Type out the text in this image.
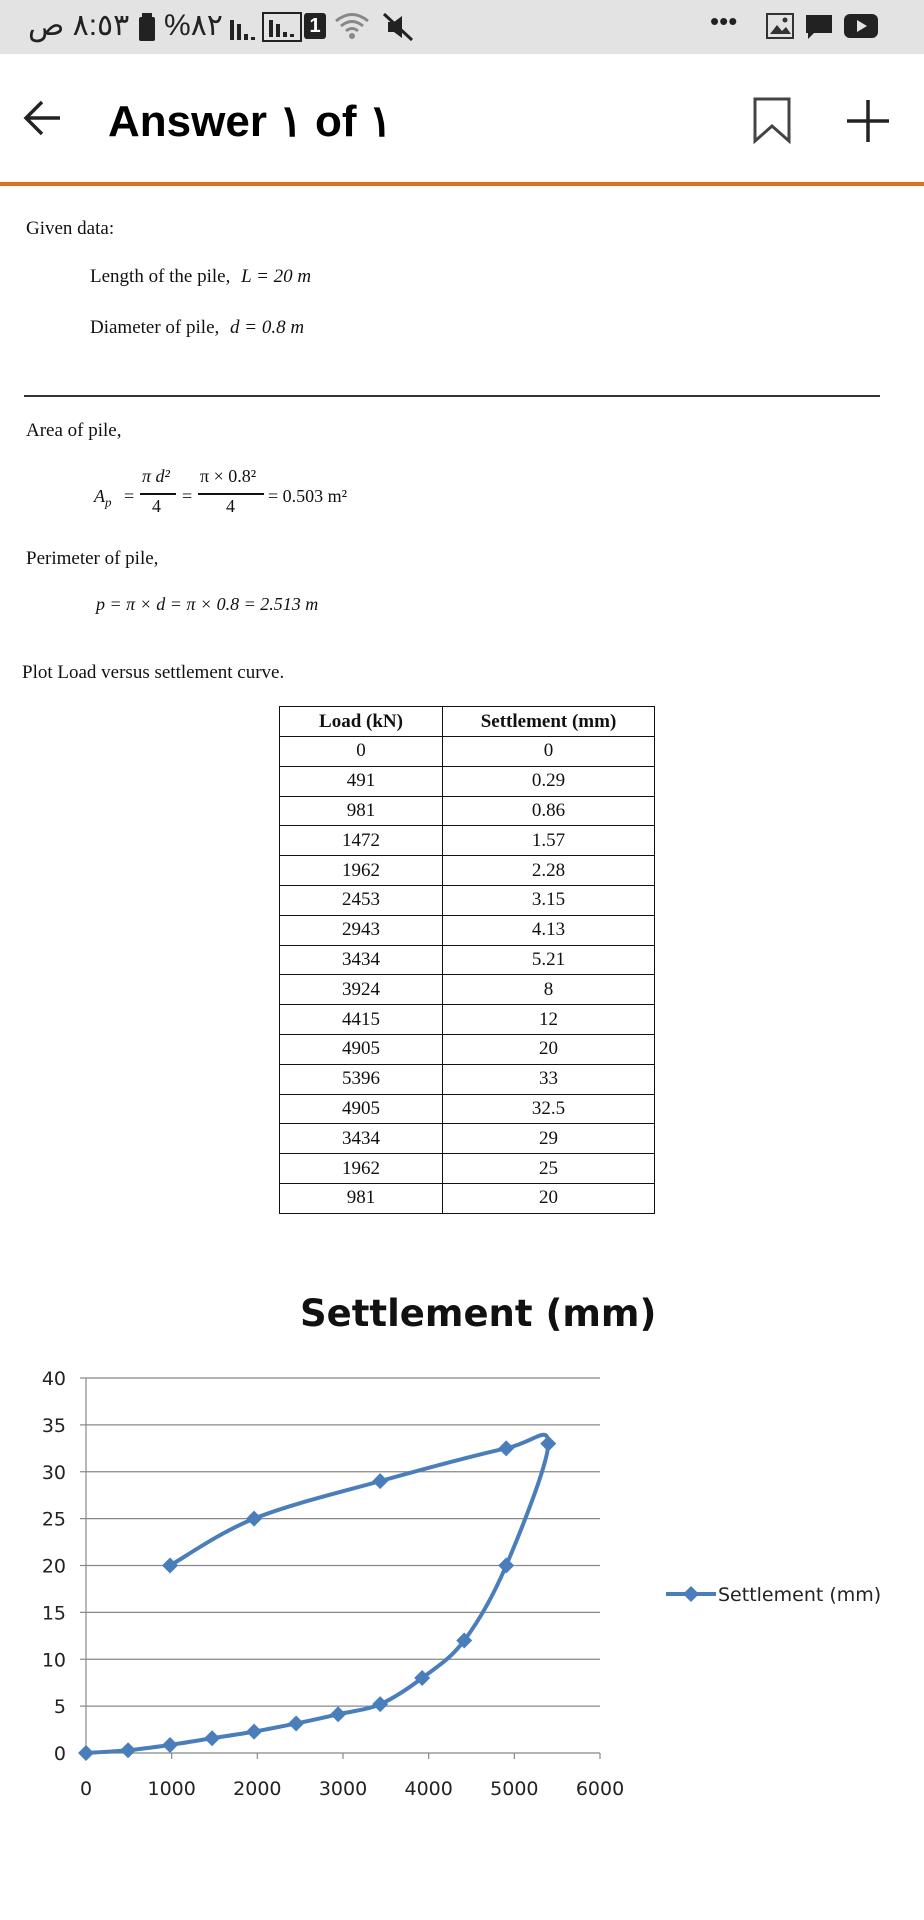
٨:٥٣ ص %٨٢	1	•••
Answer ١ of ١
Given data:
Length of the pile, L = 20 m
Diameter of pile, d = 0.8 m
Area of pile,
$A_p$ =
π d²
4 =
π × 0.8²
4 = 0.503 m²
Perimeter of pile,
p = π × d = π × 0.8 = 2.513 m
Plot Load versus settlement curve.
Load (kN)	Settlement (mm)
0	0
491	0.29
981	0.86
1472	1.57
1962	2.28
2453	3.15
2943	4.13
3434	5.21
3924	8
4415	12
4905	20
5396	33
4905	32.5
3434	29
1962	25
981	20
Settlement (mm)
0
5
10
15
20
25
30
35
40
0	1000 2000 3000 4000 5000 6000
Settlement (mm)
